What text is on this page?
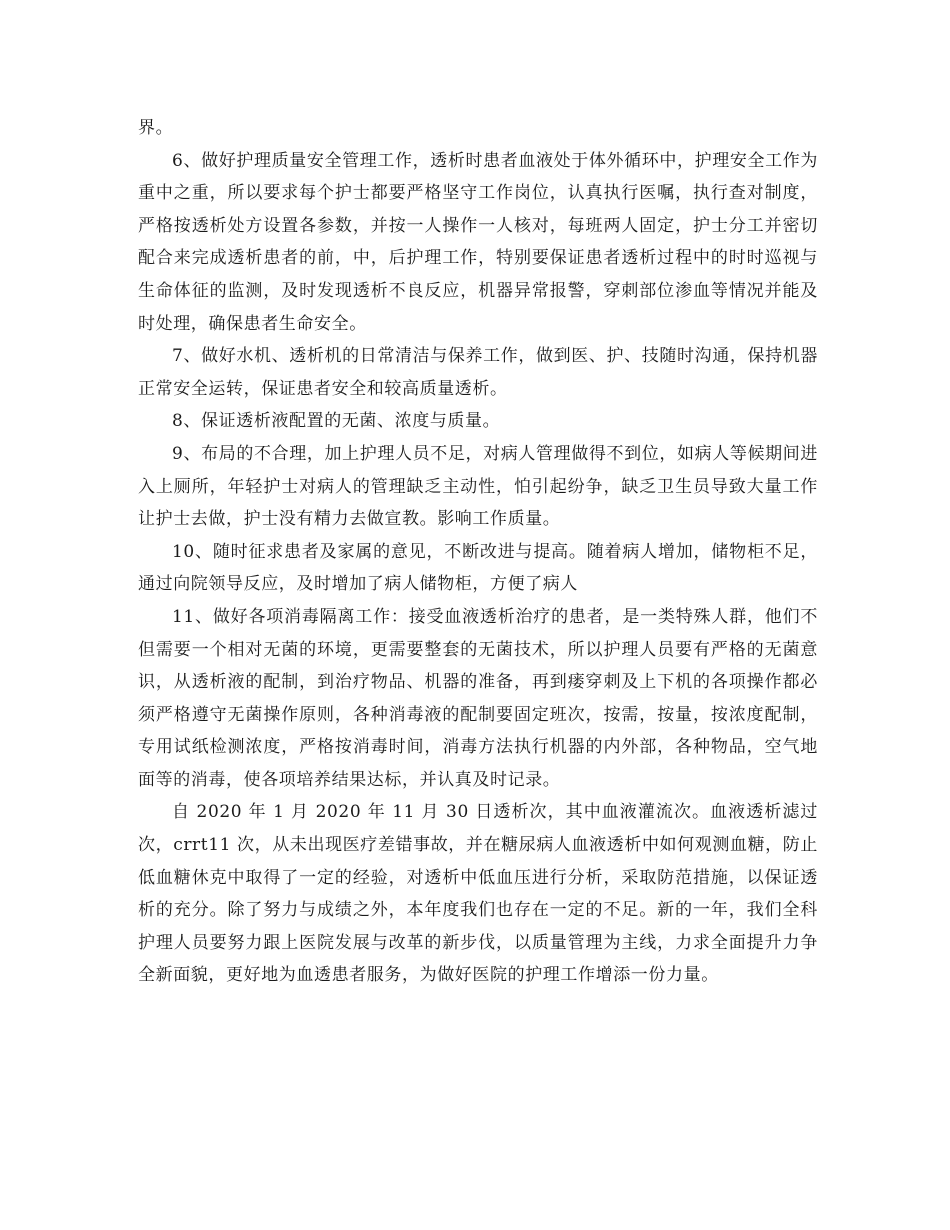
界。

6、做好护理质量安全管理工作，透析时患者血液处于体外循环中，护理安全工作为重中之重，所以要求每个护士都要严格坚守工作岗位，认真执行医嘱，执行查对制度，严格按透析处方设置各参数，并按一人操作一人核对，每班两人固定，护士分工并密切配合来完成透析患者的前，中，后护理工作，特别要保证患者透析过程中的时时巡视与生命体征的监测，及时发现透析不良反应，机器异常报警，穿刺部位渗血等情况并能及时处理，确保患者生命安全。

7、做好水机、透析机的日常清洁与保养工作，做到医、护、技随时沟通，保持机器正常安全运转，保证患者安全和较高质量透析。

8、保证透析液配置的无菌、浓度与质量。

9、布局的不合理，加上护理人员不足，对病人管理做得不到位，如病人等候期间进入上厕所，年轻护士对病人的管理缺乏主动性，怕引起纷争，缺乏卫生员导致大量工作让护士去做，护士没有精力去做宣教。影响工作质量。

10、随时征求患者及家属的意见，不断改进与提高。随着病人增加，储物柜不足，通过向院领导反应，及时增加了病人储物柜，方便了病人

11、做好各项消毒隔离工作：接受血液透析治疗的患者，是一类特殊人群，他们不但需要一个相对无菌的环境，更需要整套的无菌技术，所以护理人员要有严格的无菌意识，从透析液的配制，到治疗物品、机器的准备，再到瘘穿刺及上下机的各项操作都必须严格遵守无菌操作原则，各种消毒液的配制要固定班次，按需，按量，按浓度配制，专用试纸检测浓度，严格按消毒时间，消毒方法执行机器的内外部，各种物品，空气地面等的消毒，使各项培养结果达标，并认真及时记录。

自 2020 年 1 月 2020 年 11 月 30 日透析次，其中血液灌流次。血液透析滤过次，crrt11 次，从未出现医疗差错事故，并在糖尿病人血液透析中如何观测血糖，防止低血糖休克中取得了一定的经验，对透析中低血压进行分析，采取防范措施，以保证透析的充分。除了努力与成绩之外，本年度我们也存在一定的不足。新的一年，我们全科护理人员要努力跟上医院发展与改革的新步伐，以质量管理为主线，力求全面提升力争全新面貌，更好地为血透患者服务，为做好医院的护理工作增添一份力量。
